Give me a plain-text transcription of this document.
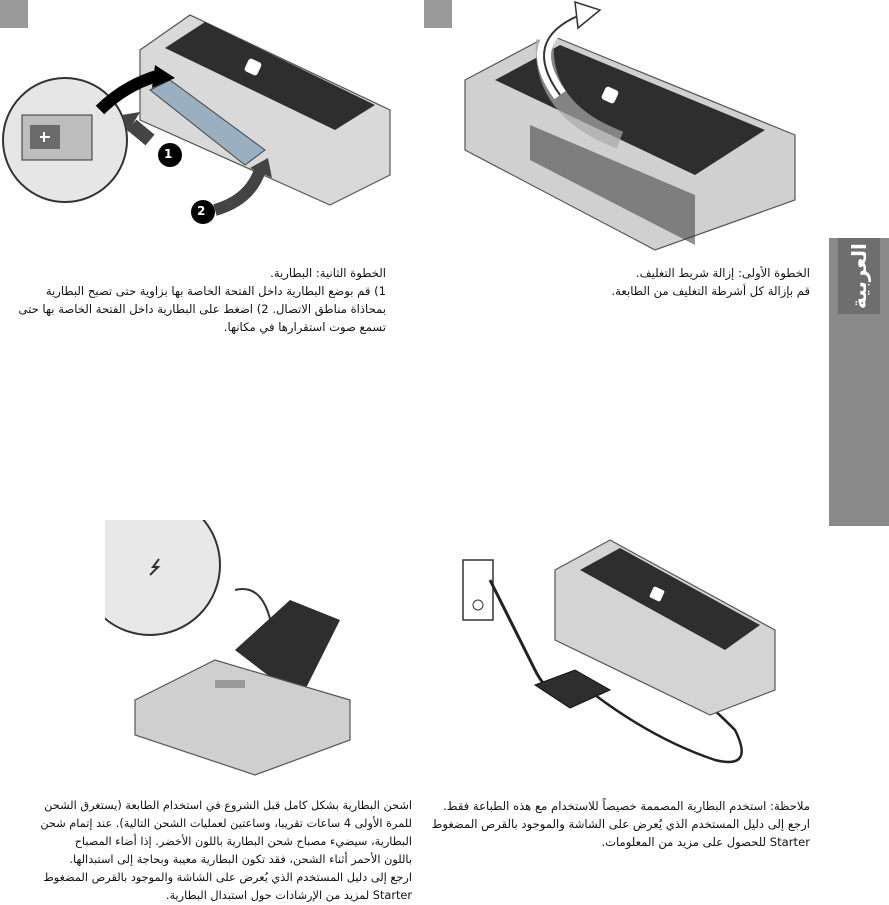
العربية

الخطوة الثانية: البطارية.

1) قم بوضع البطارية داخل الفتحة الخاصة بها بزاوية حتى تصبح البطارية

بمحاذاة مناطق الاتصال. 2) اضغط على البطارية داخل الفتحة الخاصة بها حتى

تسمع صوت استقرارها في مكانها.

الخطوة الأولى: إزالة شريط التغليف.

قم بإزالة كل أشرطة التغليف من الطابعة.

اشحن البطارية بشكل كامل قبل الشروع في استخدام الطابعة (يستغرق الشحن

للمرة الأولى 4 ساعات تقريبا، وساعتين لعمليات الشحن التالية). عند إتمام شحن

البطارية، سيضيء مصباح شحن البطارية باللون الأخضر. إذا أضاء المصباح

باللون الأحمر أثناء الشحن، فقد تكون البطارية معيبة وبحاجة إلى استبدالها.

ارجع إلى دليل المستخدم الذي يُعرض على الشاشة والموجود بالقرص المضغوط

Starter لمزيد من الإرشادات حول استبدال البطارية.

ملاحظة: استخدم البطارية المصممة خصيصاً للاستخدام مع هذه الطباعة فقط.

ارجع إلى دليل المستخدم الذي يُعرض على الشاشة والموجود بالقرص المضغوط

Starter للحصول على مزيد من المعلومات.

1
2
